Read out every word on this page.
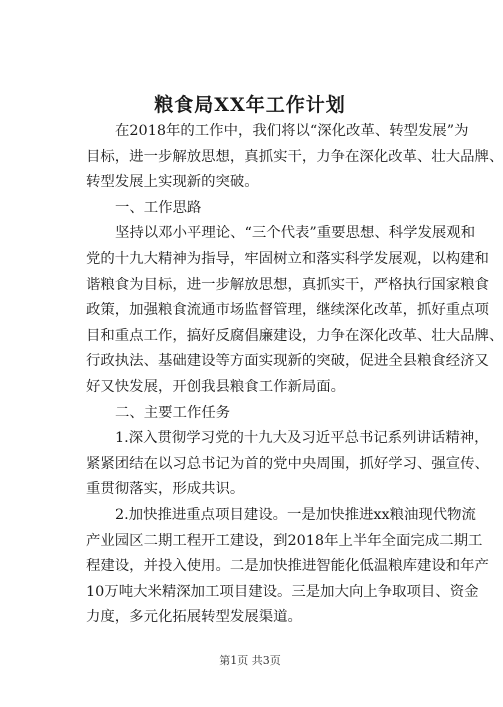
粮食局XX年工作计划
在2018年的工作中，我们将以“深化改革、转型发展”为
目标，进一步解放思想，真抓实干，力争在深化改革、壮大品牌、
转型发展上实现新的突破。
一、工作思路
坚持以邓小平理论、“三个代表”重要思想、科学发展观和
党的十九大精神为指导，牢固树立和落实科学发展观，以构建和
谐粮食为目标，进一步解放思想，真抓实干，严格执行国家粮食
政策，加强粮食流通市场监督管理，继续深化改革，抓好重点项
目和重点工作，搞好反腐倡廉建设，力争在深化改革、壮大品牌、
行政执法、基础建设等方面实现新的突破，促进全县粮食经济又
好又快发展，开创我县粮食工作新局面。
二、主要工作任务
1.深入贯彻学习党的十九大及习近平总书记系列讲话精神，
紧紧团结在以习总书记为首的党中央周围，抓好学习、强宣传、
重贯彻落实，形成共识。
2.加快推进重点项目建设。一是加快推进xx粮油现代物流
产业园区二期工程开工建设，到2018年上半年全面完成二期工
程建设，并投入使用。二是加快推进智能化低温粮库建设和年产
10万吨大米精深加工项目建设。三是加大向上争取项目、资金
力度，多元化拓展转型发展渠道。
第1页 共3页
